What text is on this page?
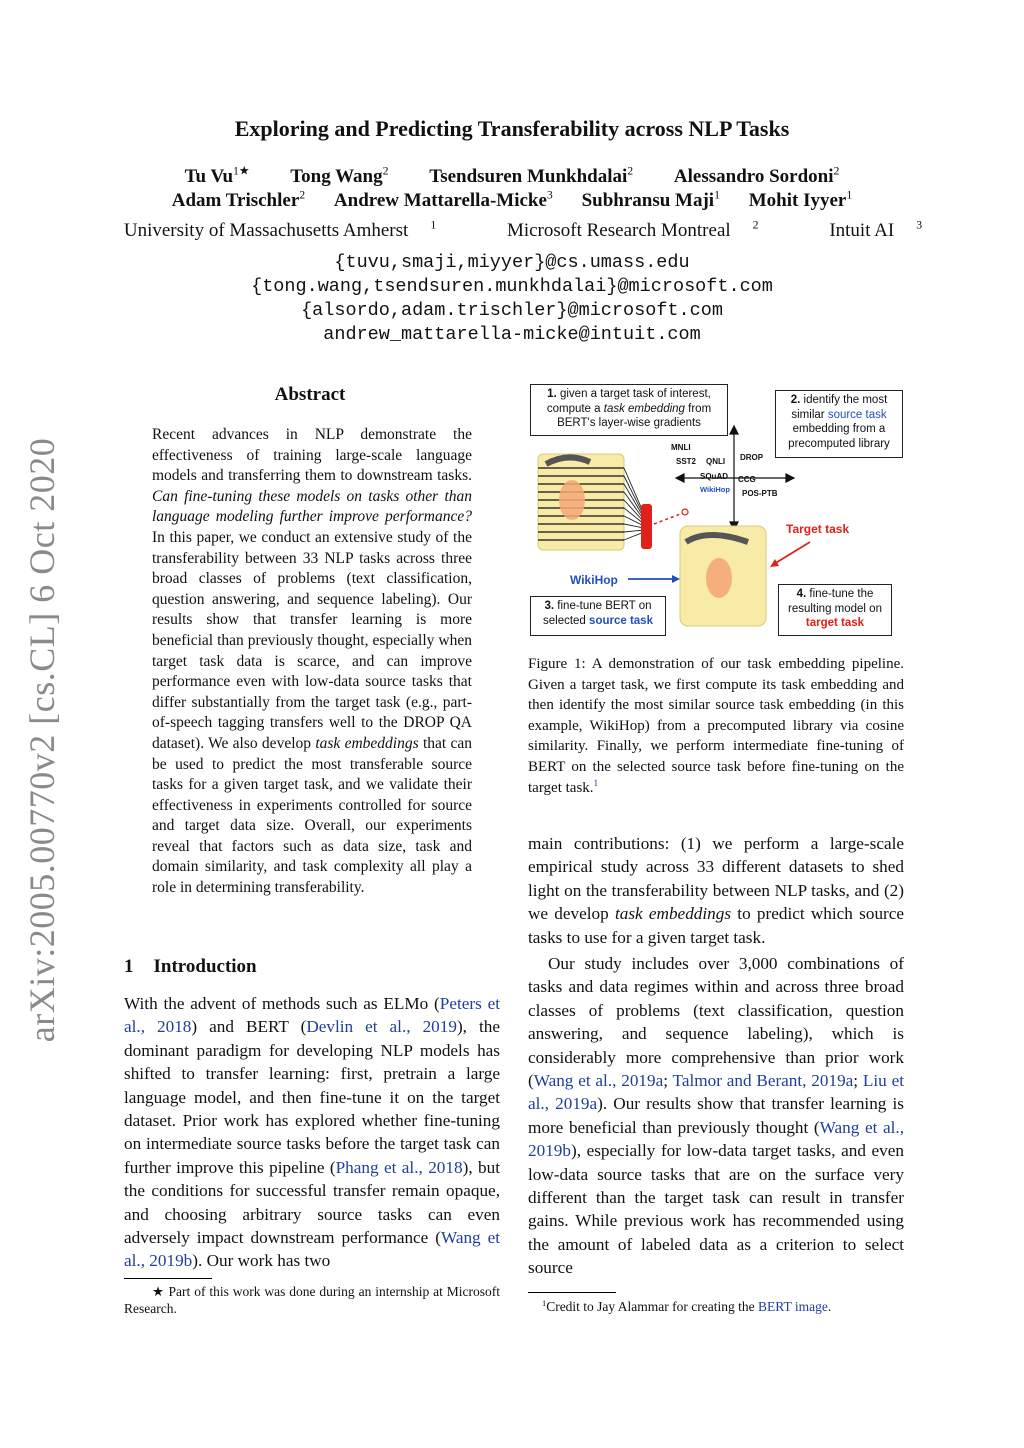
arXiv:2005.00770v2 [cs.CL] 6 Oct 2020
Exploring and Predicting Transferability across NLP Tasks
Tu $Vu^{1★}$ Tong Wang$^2$ Tsendsuren Munkhdalai$^2$ Alessandro Sordoni$^2$
Adam Trischler$^2$ Andrew Mattarella-Micke$^3$ Subhransu Maji$^1$ Mohit Iyyer$^1$
University of Massachusetts Amherst $^1$	Microsoft Research Montreal $^2$	Intuit AI $^3$
{tuvu,smaji,miyyer}@cs.umass.edu
{tong.wang,tsendsuren.munkhdalai}@microsoft.com
{alsordo,adam.trischler}@microsoft.com
andrew_mattarella-micke@intuit.com
Abstract
Recent advances in NLP demonstrate the effectiveness of training large-scale language models and transferring them to downstream tasks. Can fine-tuning these models on tasks other than language modeling further improve performance? In this paper, we conduct an extensive study of the transferability between 33 NLP tasks across three broad classes of problems (text classification, question answering, and sequence labeling). Our results show that transfer learning is more beneficial than previously thought, especially when target task data is scarce, and can improve performance even with low-data source tasks that differ substantially from the target task (e.g., part-of-speech tagging transfers well to the DROP QA dataset). We also develop task embeddings that can be used to predict the most transferable source tasks for a given target task, and we validate their effectiveness in experiments controlled for source and target data size. Overall, our experiments reveal that factors such as data size, task and domain similarity, and task complexity all play a role in determining transferability.
1 Introduction
With the advent of methods such as ELMo (Peters et al., 2018) and BERT (Devlin et al., 2019), the dominant paradigm for developing NLP models has shifted to transfer learning: first, pretrain a large language model, and then fine-tune it on the target dataset. Prior work has explored whether fine-tuning on intermediate source tasks before the target task can further improve this pipeline (Phang et al., 2018), but the conditions for successful transfer remain opaque, and choosing arbitrary source tasks can even adversely impact downstream performance (Wang et al., 2019b). Our work has two
★ Part of this work was done during an internship at Microsoft Research.
MNLI
SST2 QNLI DROP
SQuAD CCG
WikiHop POS-PTB
Target task
WikiHop
1. given a target task of interest, compute a task embedding from BERT's layer-wise gradients
2. identify the most similar source task embedding from a precomputed library
3. fine-tune BERT on selected source task
4. fine-tune the resulting model on target task
Figure 1: A demonstration of our task embedding pipeline. Given a target task, we first compute its task embedding and then identify the most similar source task embedding (in this example, WikiHop) from a precomputed library via cosine similarity. Finally, we perform intermediate fine-tuning of BERT on the selected source task before fine-tuning on the target task.$^1$
main contributions: (1) we perform a large-scale empirical study across 33 different datasets to shed light on the transferability between NLP tasks, and (2) we develop task embeddings to predict which source tasks to use for a given target task.
Our study includes over 3,000 combinations of tasks and data regimes within and across three broad classes of problems (text classification, question answering, and sequence labeling), which is considerably more comprehensive than prior work (Wang et al., 2019a; Talmor and Berant, 2019a; Liu et al., 2019a). Our results show that transfer learning is more beneficial than previously thought (Wang et al., 2019b), especially for low-data target tasks, and even low-data source tasks that are on the surface very different than the target task can result in transfer gains. While previous work has recommended using the amount of labeled data as a criterion to select source
$^1$Credit to Jay Alammar for creating the BERT image.
